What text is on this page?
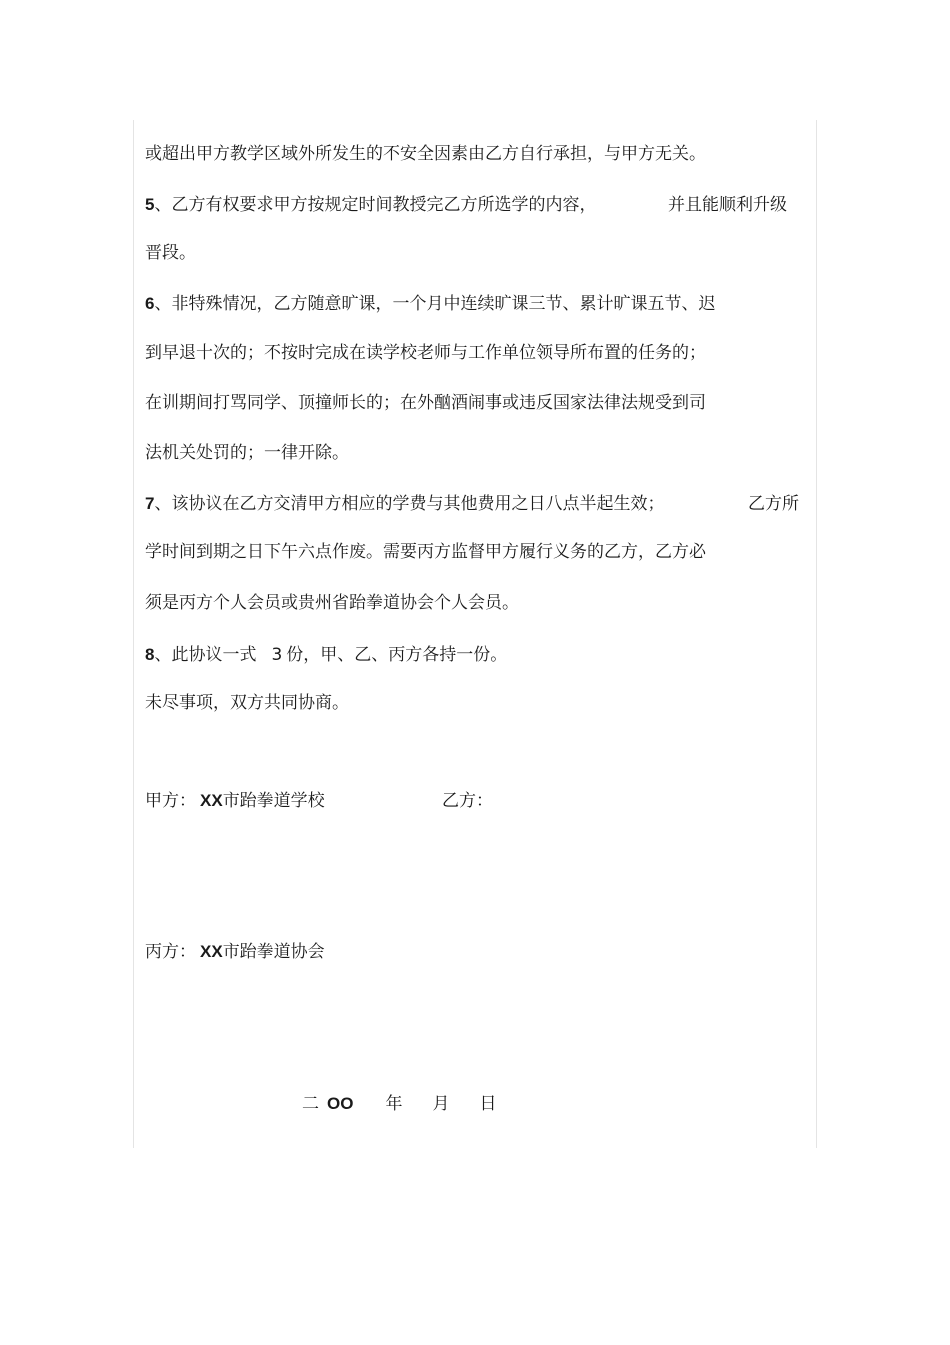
或超出甲方教学区域外所发生的不安全因素由乙方自行承担，与甲方无关。
5、乙方有权要求甲方按规定时间教授完乙方所选学的内容，	并且能顺利升级
晋段。
6、非特殊情况，乙方随意旷课，一个月中连续旷课三节、累计旷课五节、迟
到早退十次的；不按时完成在读学校老师与工作单位领导所布置的任务的；
在训期间打骂同学、顶撞师长的；在外酗酒闹事或违反国家法律法规受到司
法机关处罚的；一律开除。
7、该协议在乙方交清甲方相应的学费与其他费用之日八点半起生效；	乙方所
学时间到期之日下午六点作废。需要丙方监督甲方履行义务的乙方，乙方必
须是丙方个人会员或贵州省跆拳道协会个人会员。
8、此协议一式 3 份，甲、乙、丙方各持一份。
未尽事项，双方共同协商。
甲方： XX市跆拳道学校	乙方：
丙方： XX市跆拳道协会
二 OO 年 月 日
